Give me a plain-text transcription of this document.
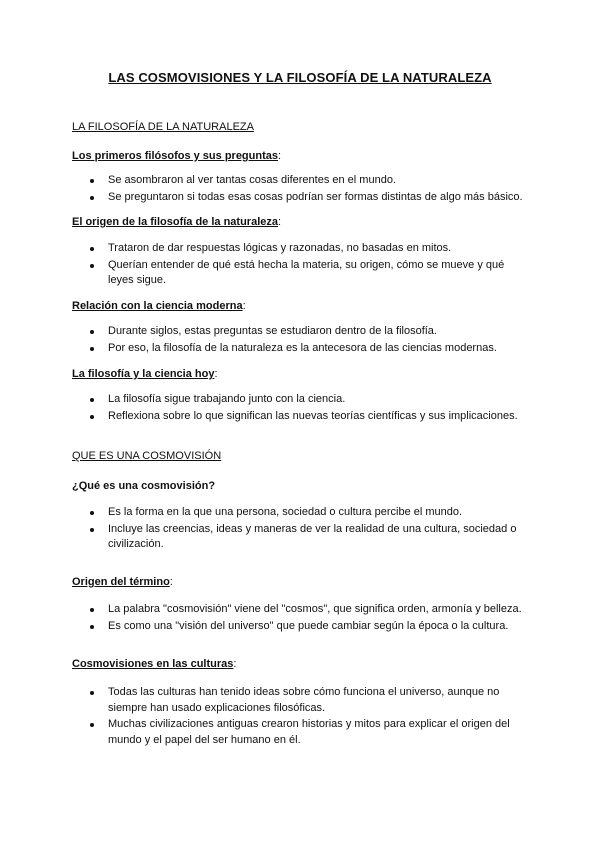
LAS COSMOVISIONES Y LA FILOSOFÍA DE LA NATURALEZA
LA FILOSOFÍA DE LA NATURALEZA

Los primeros filósofos y sus preguntas:

Se asombraron al ver tantas cosas diferentes en el mundo.
Se preguntaron si todas esas cosas podrían ser formas distintas de algo más básico.

El origen de la filosofía de la naturaleza:

Trataron de dar respuestas lógicas y razonadas, no basadas en mitos.
Querían entender de qué está hecha la materia, su origen, cómo se mueve y qué leyes sigue.

Relación con la ciencia moderna:

Durante siglos, estas preguntas se estudiaron dentro de la filosofía.
Por eso, la filosofía de la naturaleza es la antecesora de las ciencias modernas.

La filosofía y la ciencia hoy:

La filosofía sigue trabajando junto con la ciencia.
Reflexiona sobre lo que significan las nuevas teorías científicas y sus implicaciones.
QUE ES UNA COSMOVISIÓN

¿Qué es una cosmovisión?

Es la forma en la que una persona, sociedad o cultura percibe el mundo.
Incluye las creencias, ideas y maneras de ver la realidad de una cultura, sociedad o civilización.

Origen del término:

La palabra "cosmovisión" viene del "cosmos", que significa orden, armonía y belleza.
Es como una "visión del universo" que puede cambiar según la época o la cultura.

Cosmovisiones en las culturas:

Todas las culturas han tenido ideas sobre cómo funciona el universo, aunque no siempre han usado explicaciones filosóficas.
Muchas civilizaciones antiguas crearon historias y mitos para explicar el origen del mundo y el papel del ser humano en él.
